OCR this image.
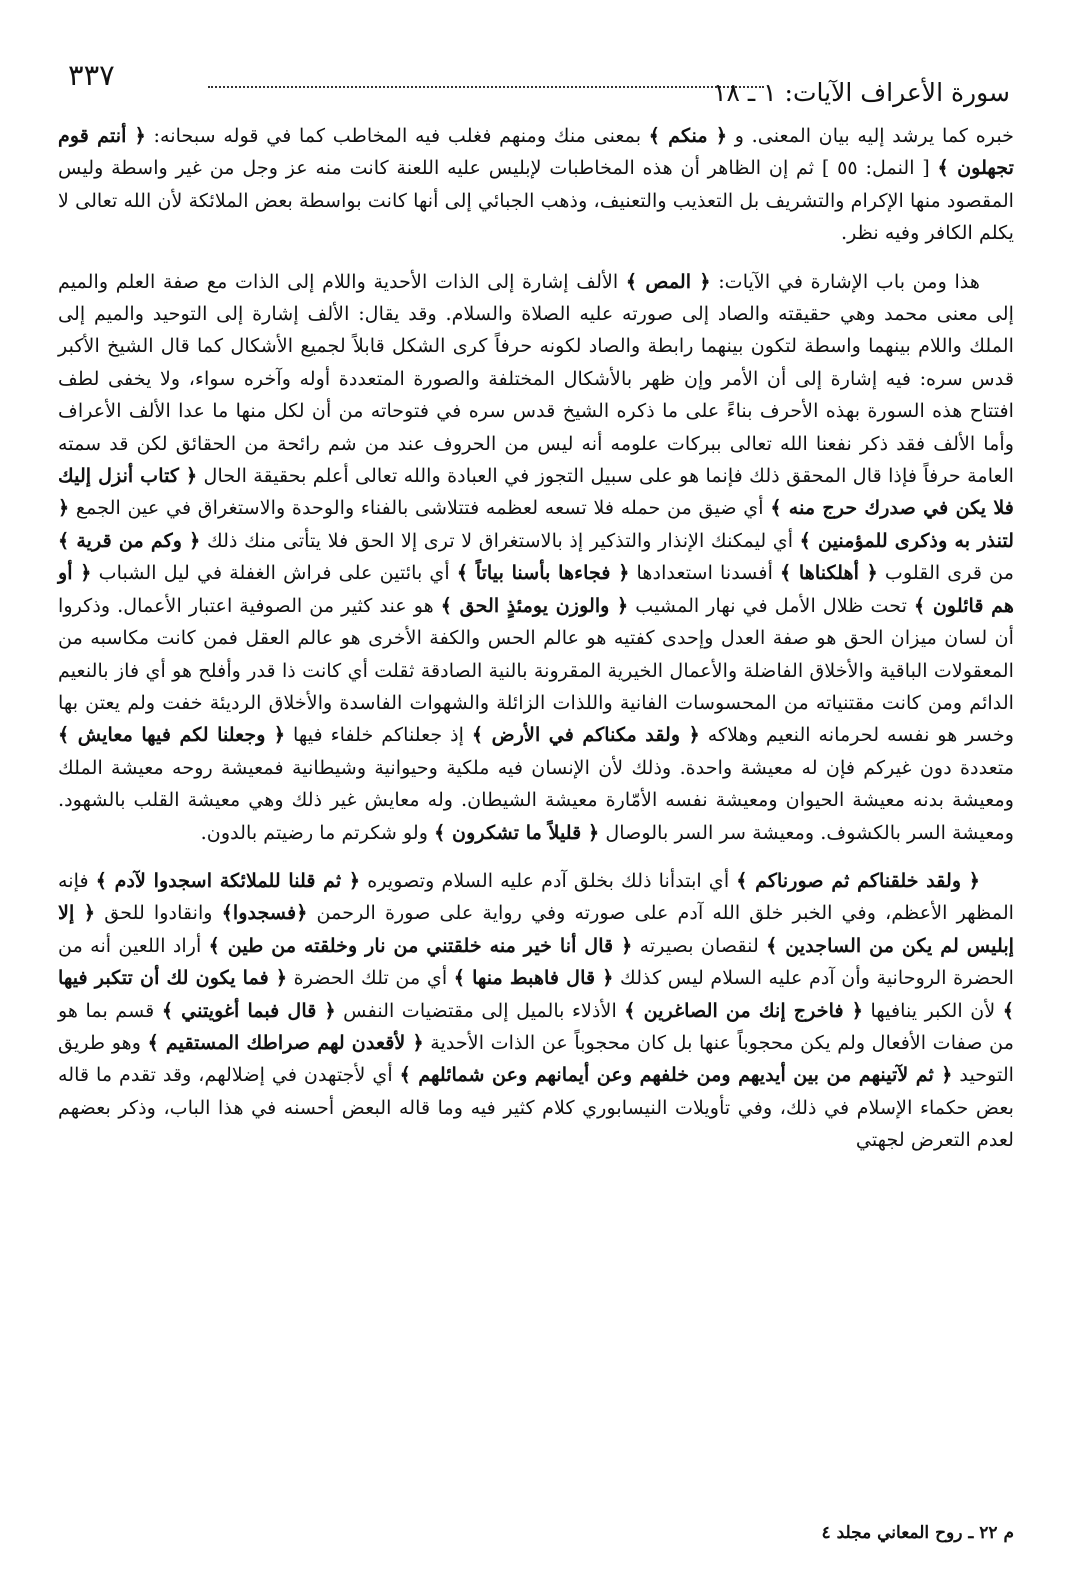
٣٣٧
سورة الأعراف الآيات: ١ ـ ١٨

خبره كما يرشد إليه بيان المعنى. و ﴿ منكم ﴾ بمعنى منك ومنهم فغلب فيه المخاطب كما في قوله سبحانه: ﴿ أنتم قوم تجهلون ﴾ [ النمل: ٥٥ ] ثم إن الظاهر أن هذه المخاطبات لإبليس عليه اللعنة كانت منه عز وجل من غير واسطة وليس المقصود منها الإكرام والتشريف بل التعذيب والتعنيف، وذهب الجبائي إلى أنها كانت بواسطة بعض الملائكة لأن الله تعالى لا يكلم الكافر وفيه نظر.

هذا ومن باب الإشارة في الآيات: ﴿ المص ﴾ الألف إشارة إلى الذات الأحدية واللام إلى الذات مع صفة العلم والميم إلى معنى محمد وهي حقيقته والصاد إلى صورته عليه الصلاة والسلام. وقد يقال: الألف إشارة إلى التوحيد والميم إلى الملك واللام بينهما واسطة لتكون بينهما رابطة والصاد لكونه حرفاً كرى الشكل قابلاً لجميع الأشكال كما قال الشيخ الأكبر قدس سره: فيه إشارة إلى أن الأمر وإن ظهر بالأشكال المختلفة والصورة المتعددة أوله وآخره سواء، ولا يخفى لطف افتتاح هذه السورة بهذه الأحرف بناءً على ما ذكره الشيخ قدس سره في فتوحاته من أن لكل منها ما عدا الألف الأعراف وأما الألف فقد ذكر نفعنا الله تعالى ببركات علومه أنه ليس من الحروف عند من شم رائحة من الحقائق لكن قد سمته العامة حرفاً فإذا قال المحقق ذلك فإنما هو على سبيل التجوز في العبادة والله تعالى أعلم بحقيقة الحال ﴿ كتاب أنزل إليك فلا يكن في صدرك حرج منه ﴾ أي ضيق من حمله فلا تسعه لعظمه فتتلاشى بالفناء والوحدة والاستغراق في عين الجمع ﴿ لتنذر به وذكرى للمؤمنين ﴾ أي ليمكنك الإنذار والتذكير إذ بالاستغراق لا ترى إلا الحق فلا يتأتى منك ذلك ﴿ وكم من قرية ﴾ من قرى القلوب ﴿ أهلكناها ﴾ أفسدنا استعدادها ﴿ فجاءها بأسنا بياتاً ﴾ أي بائتين على فراش الغفلة في ليل الشباب ﴿ أو هم قائلون ﴾ تحت ظلال الأمل في نهار المشيب ﴿ والوزن يومئذٍ الحق ﴾ هو عند كثير من الصوفية اعتبار الأعمال. وذكروا أن لسان ميزان الحق هو صفة العدل وإحدى كفتيه هو عالم الحس والكفة الأخرى هو عالم العقل فمن كانت مكاسبه من المعقولات الباقية والأخلاق الفاضلة والأعمال الخيرية المقرونة بالنية الصادقة ثقلت أي كانت ذا قدر وأفلح هو أي فاز بالنعيم الدائم ومن كانت مقتنياته من المحسوسات الفانية واللذات الزائلة والشهوات الفاسدة والأخلاق الرديئة خفت ولم يعتن بها وخسر هو نفسه لحرمانه النعيم وهلاكه ﴿ ولقد مكناكم في الأرض ﴾ إذ جعلناكم خلفاء فيها ﴿ وجعلنا لكم فيها معايش ﴾ متعددة دون غيركم فإن له معيشة واحدة. وذلك لأن الإنسان فيه ملكية وحيوانية وشيطانية فمعيشة روحه معيشة الملك ومعيشة بدنه معيشة الحيوان ومعيشة نفسه الأمّارة معيشة الشيطان. وله معايش غير ذلك وهي معيشة القلب بالشهود. ومعيشة السر بالكشوف. ومعيشة سر السر بالوصال ﴿ قليلاً ما تشكرون ﴾ ولو شكرتم ما رضيتم بالدون.

﴿ ولقد خلقناكم ثم صورناكم ﴾ أي ابتدأنا ذلك بخلق آدم عليه السلام وتصويره ﴿ ثم قلنا للملائكة اسجدوا لآدم ﴾ فإنه المظهر الأعظم، وفي الخبر خلق الله آدم على صورته وفي رواية على صورة الرحمن ﴿فسجدوا﴾ وانقادوا للحق ﴿ إلا إبليس لم يكن من الساجدين ﴾ لنقصان بصيرته ﴿ قال أنا خير منه خلقتني من نار وخلقته من طين ﴾ أراد اللعين أنه من الحضرة الروحانية وأن آدم عليه السلام ليس كذلك ﴿ قال فاهبط منها ﴾ أي من تلك الحضرة ﴿ فما يكون لك أن تتكبر فيها ﴾ لأن الكبر ينافيها ﴿ فاخرج إنك من الصاغرين ﴾ الأذلاء بالميل إلى مقتضيات النفس ﴿ قال فبما أغويتني ﴾ قسم بما هو من صفات الأفعال ولم يكن محجوباً عنها بل كان محجوباً عن الذات الأحدية ﴿ لأقعدن لهم صراطك المستقيم ﴾ وهو طريق التوحيد ﴿ ثم لآتينهم من بين أيديهم ومن خلفهم وعن أيمانهم وعن شمائلهم ﴾ أي لأجتهدن في إضلالهم، وقد تقدم ما قاله بعض حكماء الإسلام في ذلك، وفي تأويلات النيسابوري كلام كثير فيه وما قاله البعض أحسنه في هذا الباب، وذكر بعضهم لعدم التعرض لجهتي

م ٢٢ ـ روح المعاني مجلد ٤
